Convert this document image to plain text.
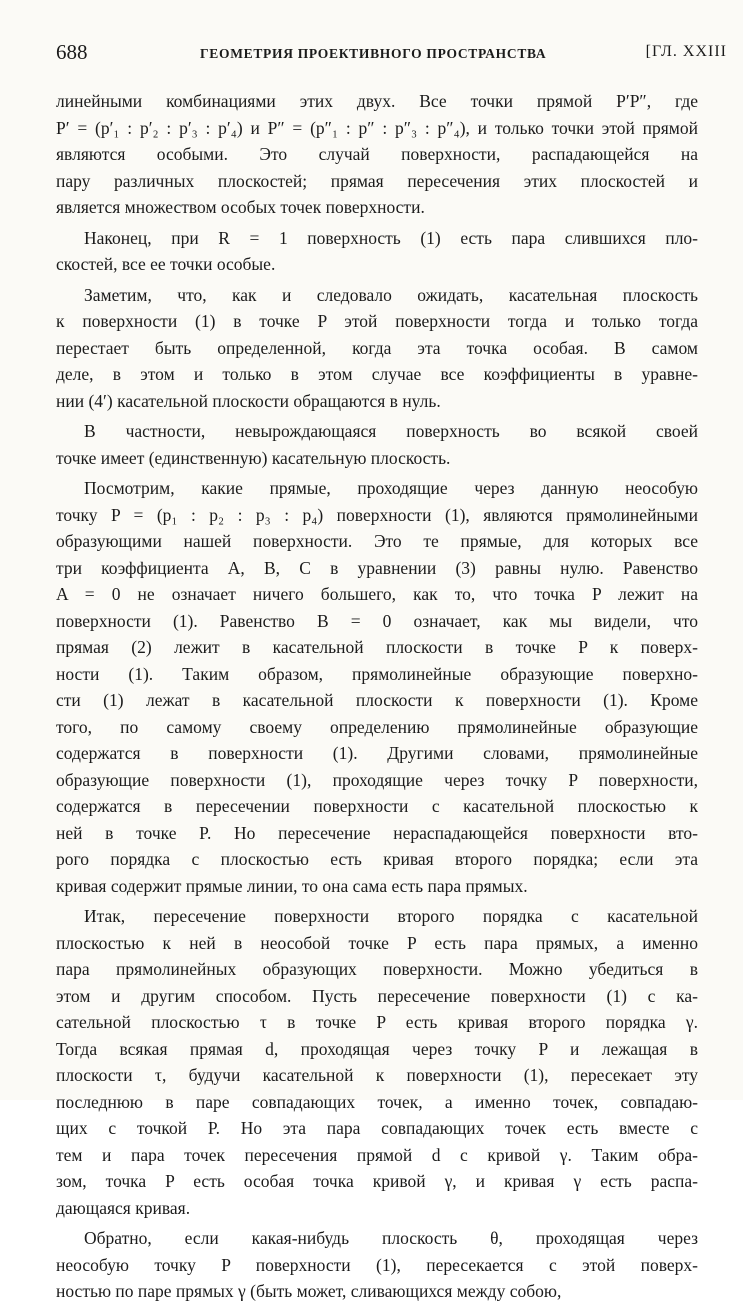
688	ГЕОМЕТРИЯ ПРОЕКТИВНОГО ПРОСТРАНСТВА	[ГЛ. XXIII
линейными комбинациями этих двух. Все точки прямой P′P″, где
P′ = (p′₁ : p′₂ : p′₃ : p′₄) и P″ = (p″₁ : p″ : p″₃ : p″₄), и только точки этой прямой
являются особыми. Это случай поверхности, распадающейся на
пару различных плоскостей; прямая пересечения этих плоскостей и
является множеством особых точек поверхности.
Наконец, при R = 1 поверхность (1) есть пара слившихся пло-
скостей, все ее точки особые.
Заметим, что, как и следовало ожидать, касательная плоскость
к поверхности (1) в точке P этой поверхности тогда и только тогда
перестает быть определенной, когда эта точка особая. В самом
деле, в этом и только в этом случае все коэффициенты в уравне-
нии (4′) касательной плоскости обращаются в нуль.
В частности, невырождающаяся поверхность во всякой своей
точке имеет (единственную) касательную плоскость.
Посмотрим, какие прямые, проходящие через данную неособую
точку P = (p₁ : p₂ : p₃ : p₄) поверхности (1), являются прямолинейными
образующими нашей поверхности. Это те прямые, для которых все
три коэффициента A, B, C в уравнении (3) равны нулю. Равенство
A = 0 не означает ничего большего, как то, что точка P лежит на
поверхности (1). Равенство B = 0 означает, как мы видели, что
прямая (2) лежит в касательной плоскости в точке P к поверх-
ности (1). Таким образом, прямолинейные образующие поверхно-
сти (1) лежат в касательной плоскости к поверхности (1). Кроме
того, по самому своему определению прямолинейные образующие
содержатся в поверхности (1). Другими словами, прямолинейные
образующие поверхности (1), проходящие через точку P поверхности,
содержатся в пересечении поверхности с касательной плоскостью к
ней в точке P. Но пересечение нераспадающейся поверхности вто-
рого порядка с плоскостью есть кривая второго порядка; если эта
кривая содержит прямые линии, то она сама есть пара прямых.
Итак, пересечение поверхности второго порядка с касательной
плоскостью к ней в неособой точке P есть пара прямых, а именно
пара прямолинейных образующих поверхности. Можно убедиться в
этом и другим способом. Пусть пересечение поверхности (1) с ка-
сательной плоскостью τ в точке P есть кривая второго порядка γ.
Тогда всякая прямая d, проходящая через точку P и лежащая в
плоскости τ, будучи касательной к поверхности (1), пересекает эту
последнюю в паре совпадающих точек, а именно точек, совпадаю-
щих с точкой P. Но эта пара совпадающих точек есть вместе с
тем и пара точек пересечения прямой d с кривой γ. Таким обра-
зом, точка P есть особая точка кривой γ, и кривая γ есть распа-
дающаяся кривая.
Обратно, если какая-нибудь плоскость θ, проходящая через
неособую точку P поверхности (1), пересекается с этой поверх-
ностью по паре прямых γ (быть может, сливающихся между собою,
